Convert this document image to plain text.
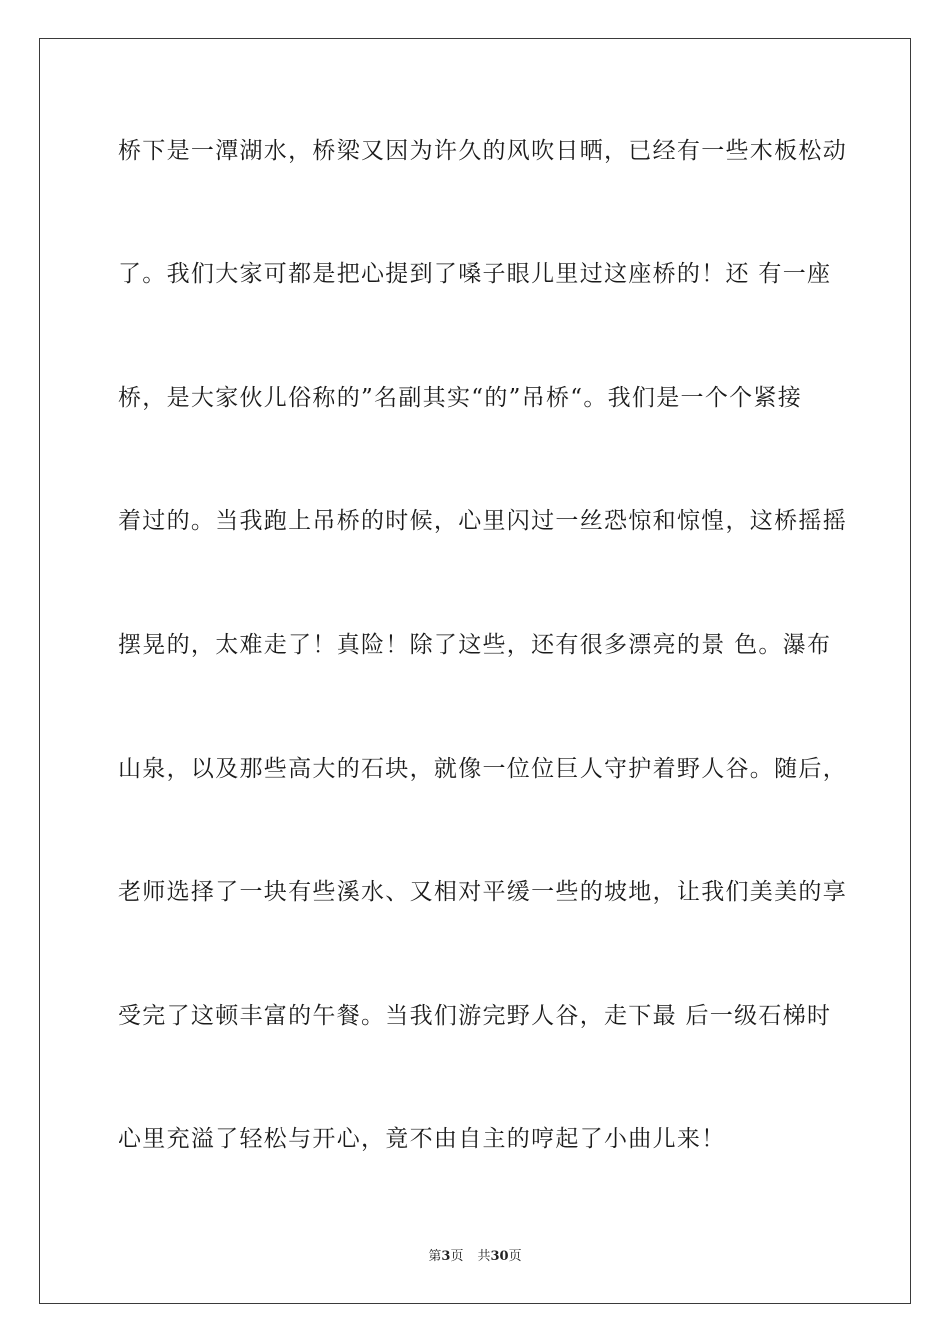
桥下是一潭湖水，桥梁又因为许久的风吹日晒，已经有一些木板松动
了。我们大家可都是把心提到了嗓子眼儿里过这座桥的！还 有一座
桥，是大家伙儿俗称的”名副其实“的”吊桥“。我们是一个个紧接
着过的。当我跑上吊桥的时候，心里闪过一丝恐惊和惊惶，这桥摇摇
摆晃的，太难走了！真险！除了这些，还有很多漂亮的景 色。瀑布
山泉，以及那些高大的石块，就像一位位巨人守护着野人谷。随后，
老师选择了一块有些溪水、又相对平缓一些的坡地，让我们美美的享
受完了这顿丰富的午餐。当我们游完野人谷，走下最 后一级石梯时
心里充溢了轻松与开心，竟不由自主的哼起了小曲儿来！
第3页 共30页
